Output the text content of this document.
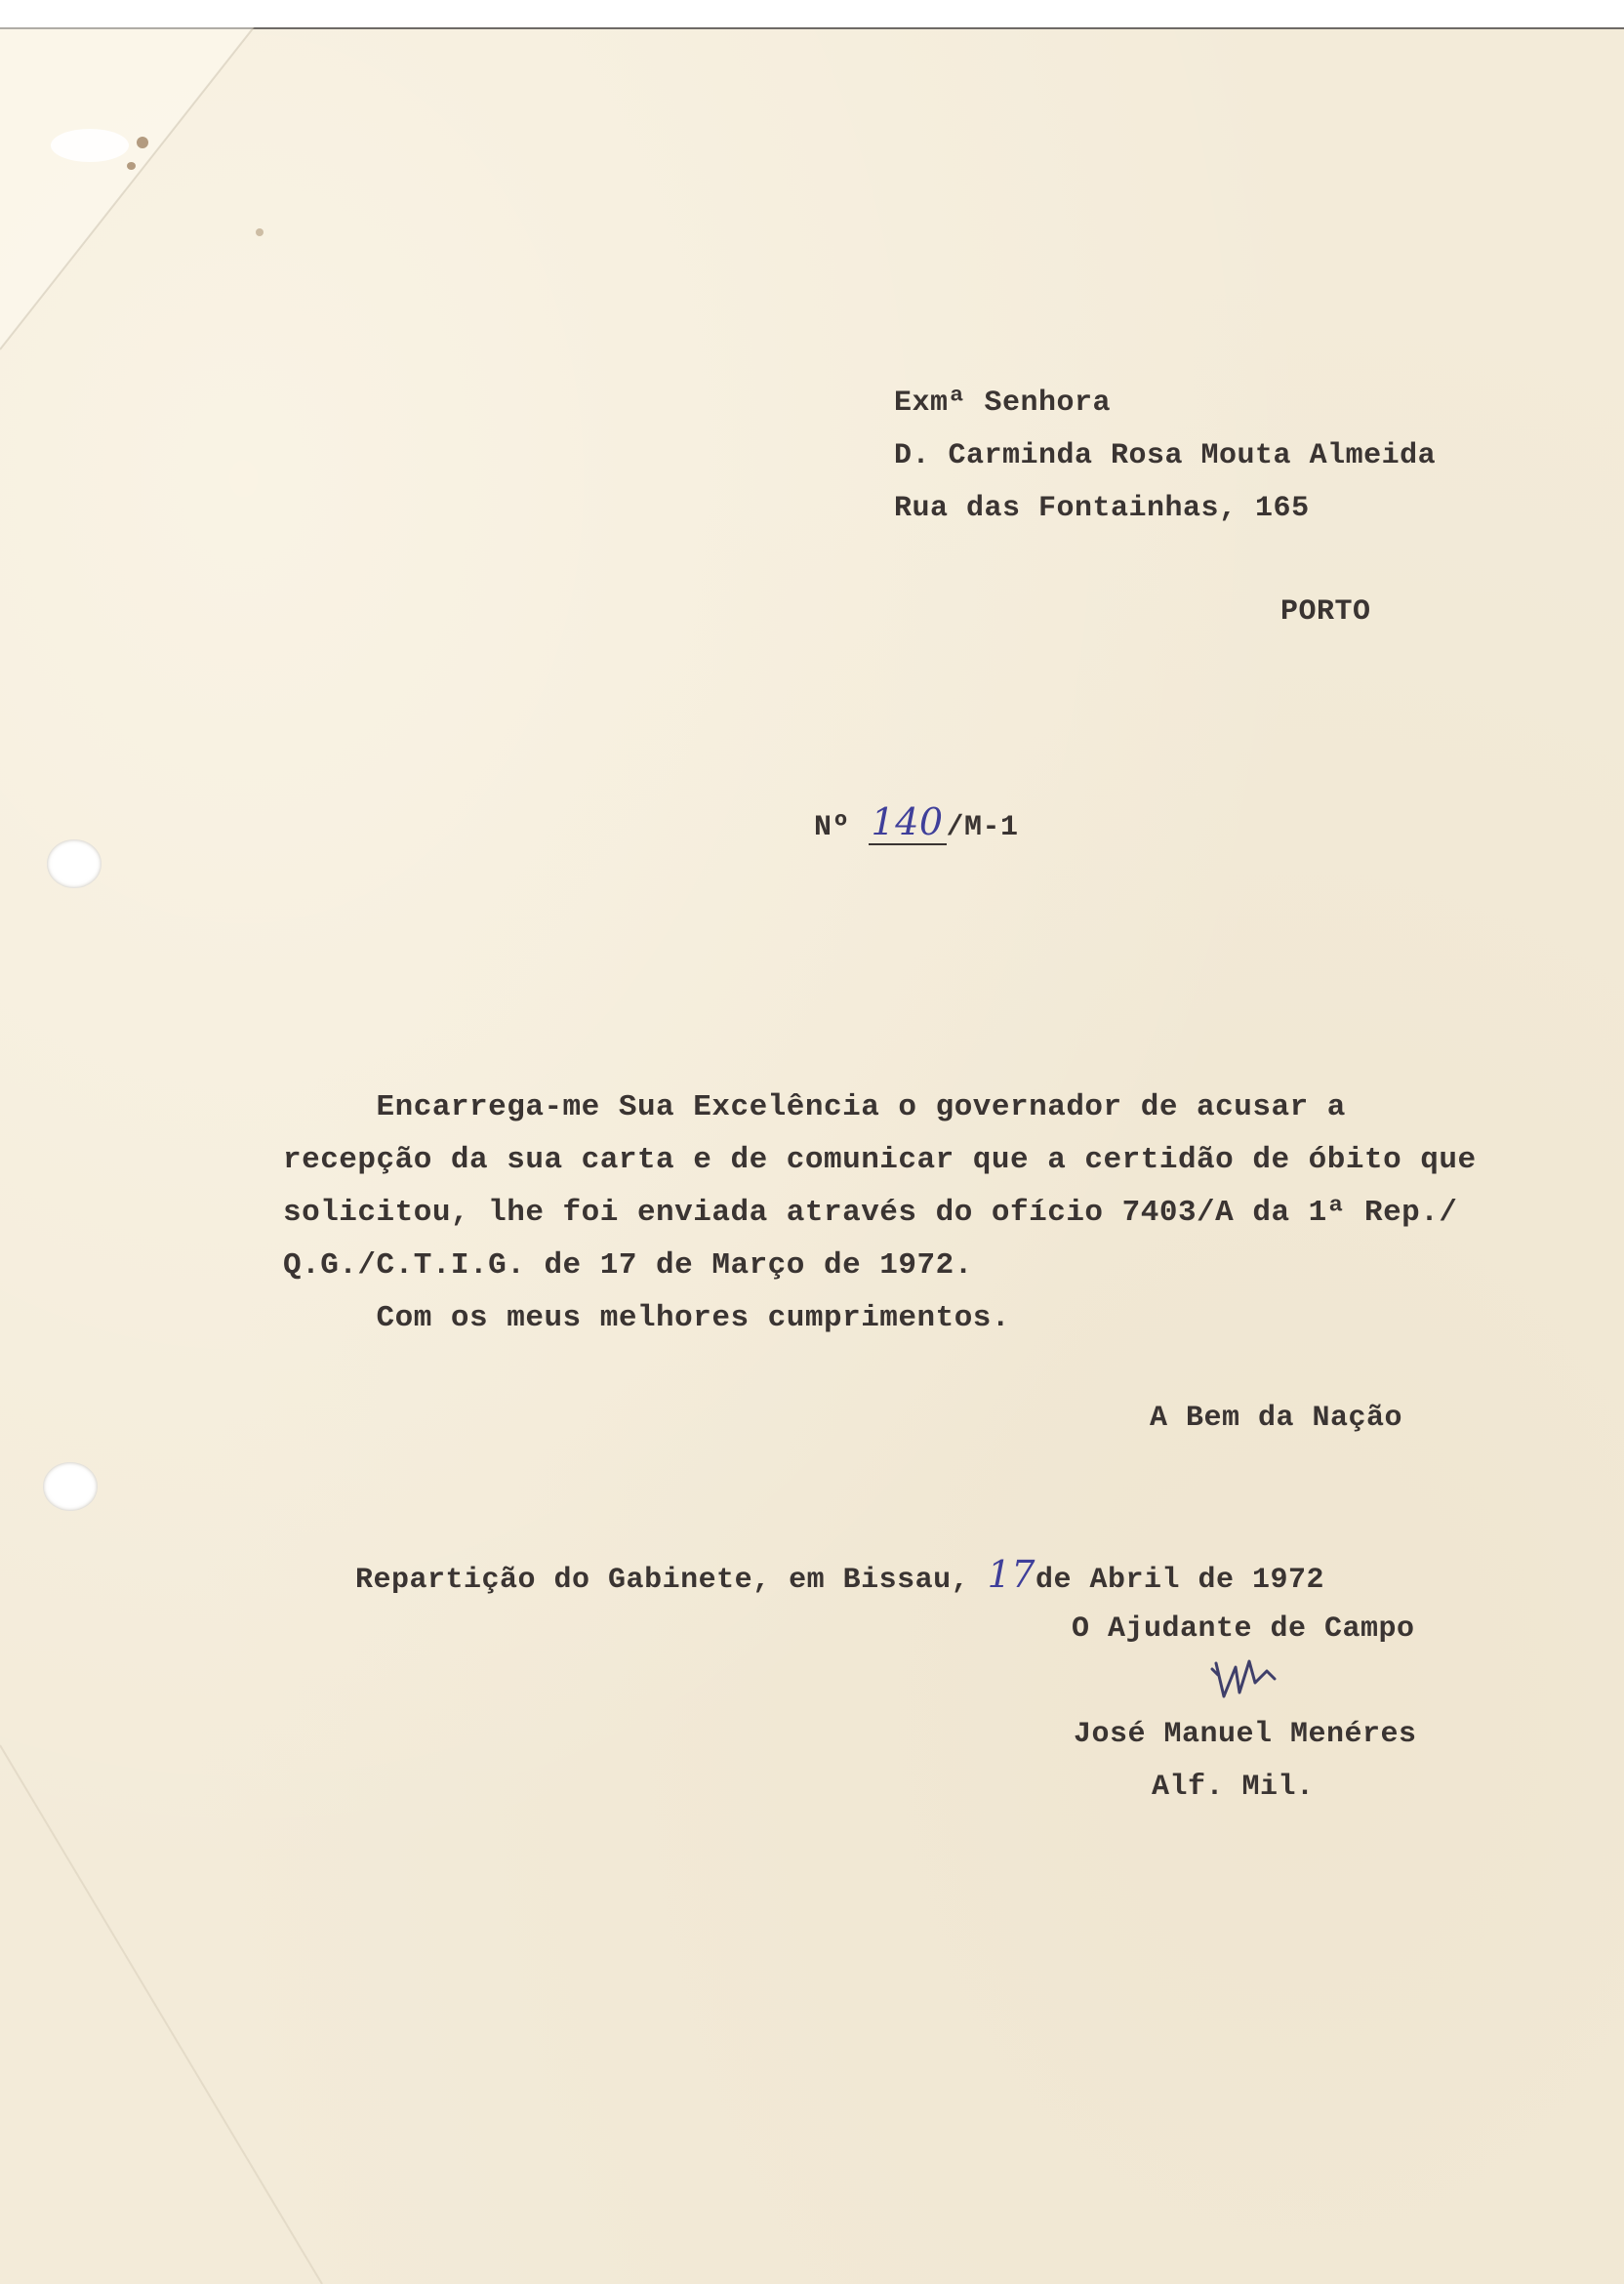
Exmª Senhora
D. Carminda Rosa Mouta Almeida
Rua das Fontainhas, 165
PORTO

Nº 140/M-1

Encarrega-me Sua Excelência o governador de acusar a
recepção da sua carta e de comunicar que a certidão de óbito que
solicitou, lhe foi enviada através do ofício 7403/A da 1ª Rep./
Q.G./C.T.I.G. de 17 de Março de 1972.
Com os meus melhores cumprimentos.
A Bem da Nação

Repartição do Gabinete, em Bissau, 17de Abril de 1972

O Ajudante de Campo
José Manuel Menéres
Alf. Mil.
